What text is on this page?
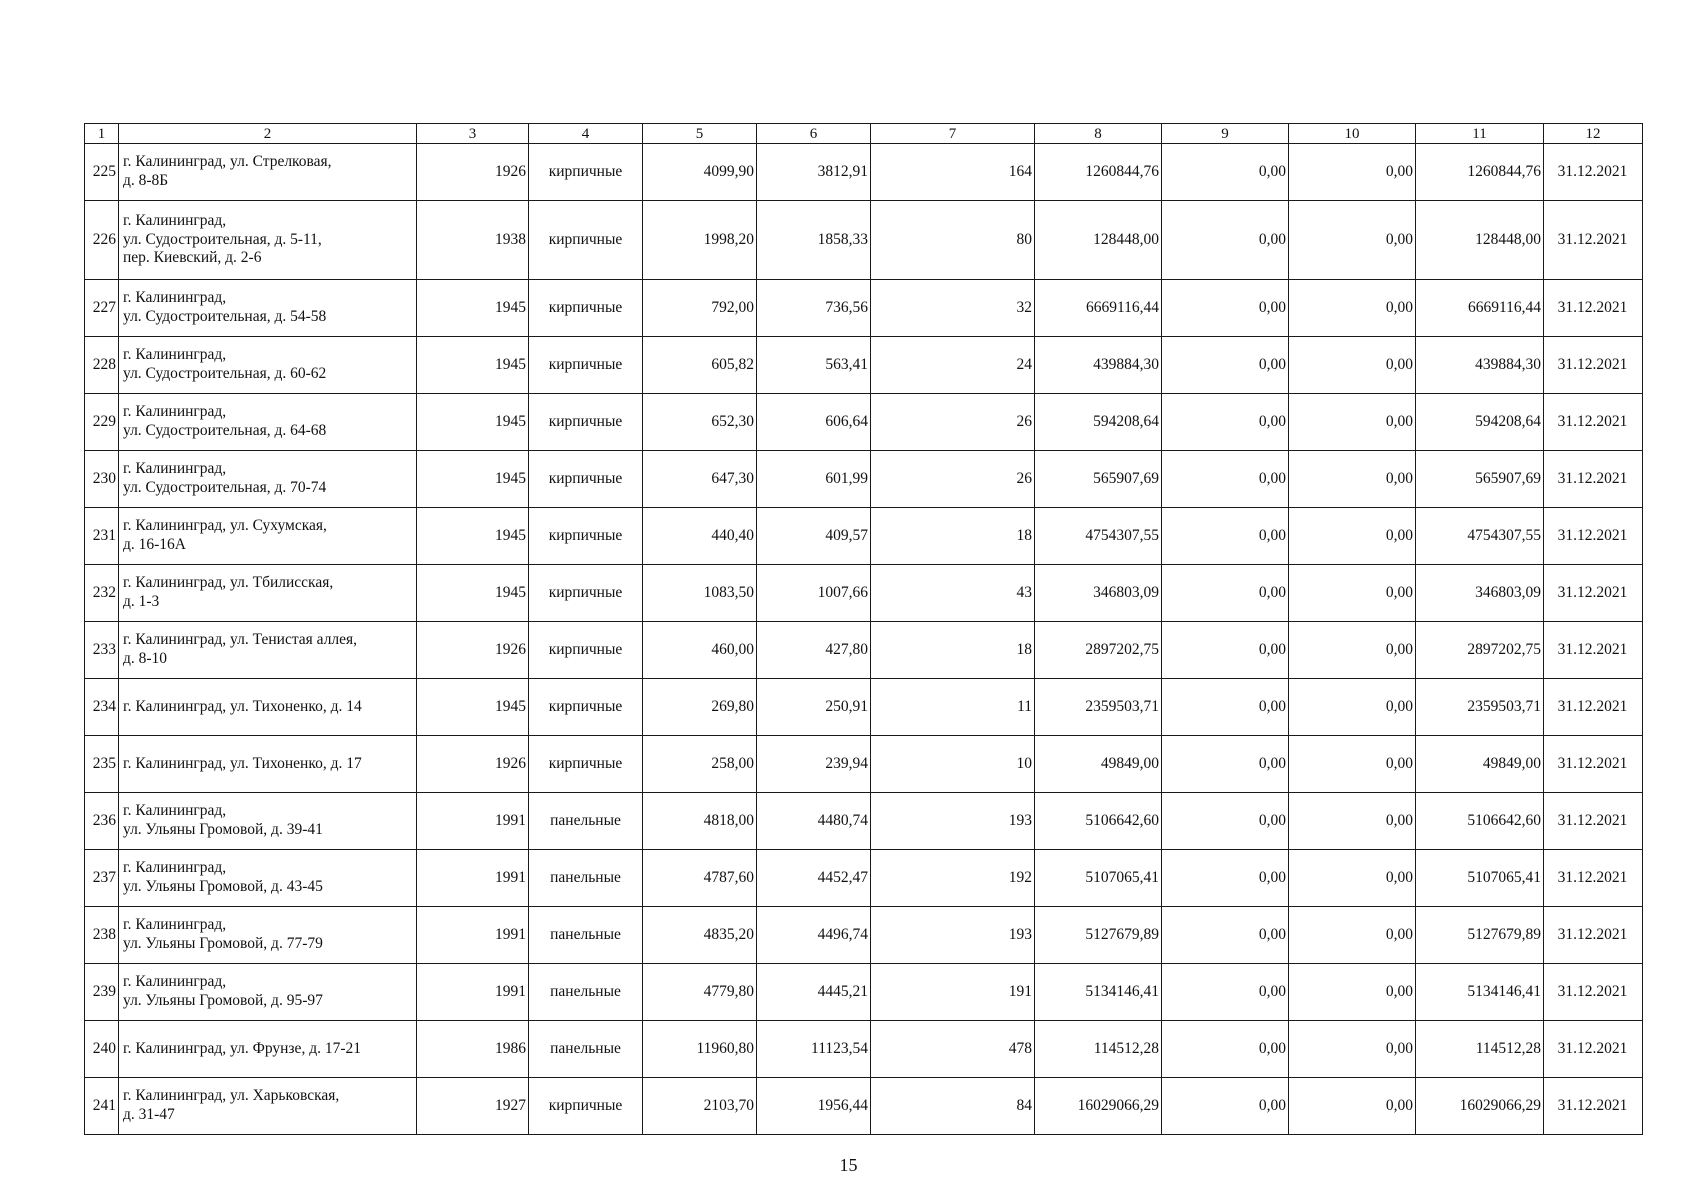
1	2	3	4	5	6	7	8	9	10	11	12
225	г. Калининград, ул. Стрелковая,
д. 8-8Б	1926	кирпичные	4099,90	3812,91	164	1260844,76	0,00	0,00	1260844,76	31.12.2021
226	г. Калининград,
ул. Судостроительная, д. 5-11,
пер. Киевский, д. 2-6	1938	кирпичные	1998,20	1858,33	80	128448,00	0,00	0,00	128448,00	31.12.2021
227	г. Калининград,
ул. Судостроительная, д. 54-58	1945	кирпичные	792,00	736,56	32	6669116,44	0,00	0,00	6669116,44	31.12.2021
228	г. Калининград,
ул. Судостроительная, д. 60-62	1945	кирпичные	605,82	563,41	24	439884,30	0,00	0,00	439884,30	31.12.2021
229	г. Калининград,
ул. Судостроительная, д. 64-68	1945	кирпичные	652,30	606,64	26	594208,64	0,00	0,00	594208,64	31.12.2021
230	г. Калининград,
ул. Судостроительная, д. 70-74	1945	кирпичные	647,30	601,99	26	565907,69	0,00	0,00	565907,69	31.12.2021
231	г. Калининград, ул. Сухумская,
д. 16-16А	1945	кирпичные	440,40	409,57	18	4754307,55	0,00	0,00	4754307,55	31.12.2021
232	г. Калининград, ул. Тбилисская,
д. 1-3	1945	кирпичные	1083,50	1007,66	43	346803,09	0,00	0,00	346803,09	31.12.2021
233	г. Калининград, ул. Тенистая аллея,
д. 8-10	1926	кирпичные	460,00	427,80	18	2897202,75	0,00	0,00	2897202,75	31.12.2021
234	г. Калининград, ул. Тихоненко, д. 14	1945	кирпичные	269,80	250,91	11	2359503,71	0,00	0,00	2359503,71	31.12.2021
235	г. Калининград, ул. Тихоненко, д. 17	1926	кирпичные	258,00	239,94	10	49849,00	0,00	0,00	49849,00	31.12.2021
236	г. Калининград,
ул. Ульяны Громовой, д. 39-41	1991	панельные	4818,00	4480,74	193	5106642,60	0,00	0,00	5106642,60	31.12.2021
237	г. Калининград,
ул. Ульяны Громовой, д. 43-45	1991	панельные	4787,60	4452,47	192	5107065,41	0,00	0,00	5107065,41	31.12.2021
238	г. Калининград,
ул. Ульяны Громовой, д. 77-79	1991	панельные	4835,20	4496,74	193	5127679,89	0,00	0,00	5127679,89	31.12.2021
239	г. Калининград,
ул. Ульяны Громовой, д. 95-97	1991	панельные	4779,80	4445,21	191	5134146,41	0,00	0,00	5134146,41	31.12.2021
240	г. Калининград, ул. Фрунзе, д. 17-21	1986	панельные	11960,80	11123,54	478	114512,28	0,00	0,00	114512,28	31.12.2021
241	г. Калининград, ул. Харьковская,
д. 31-47	1927	кирпичные	2103,70	1956,44	84	16029066,29	0,00	0,00	16029066,29	31.12.2021
15
